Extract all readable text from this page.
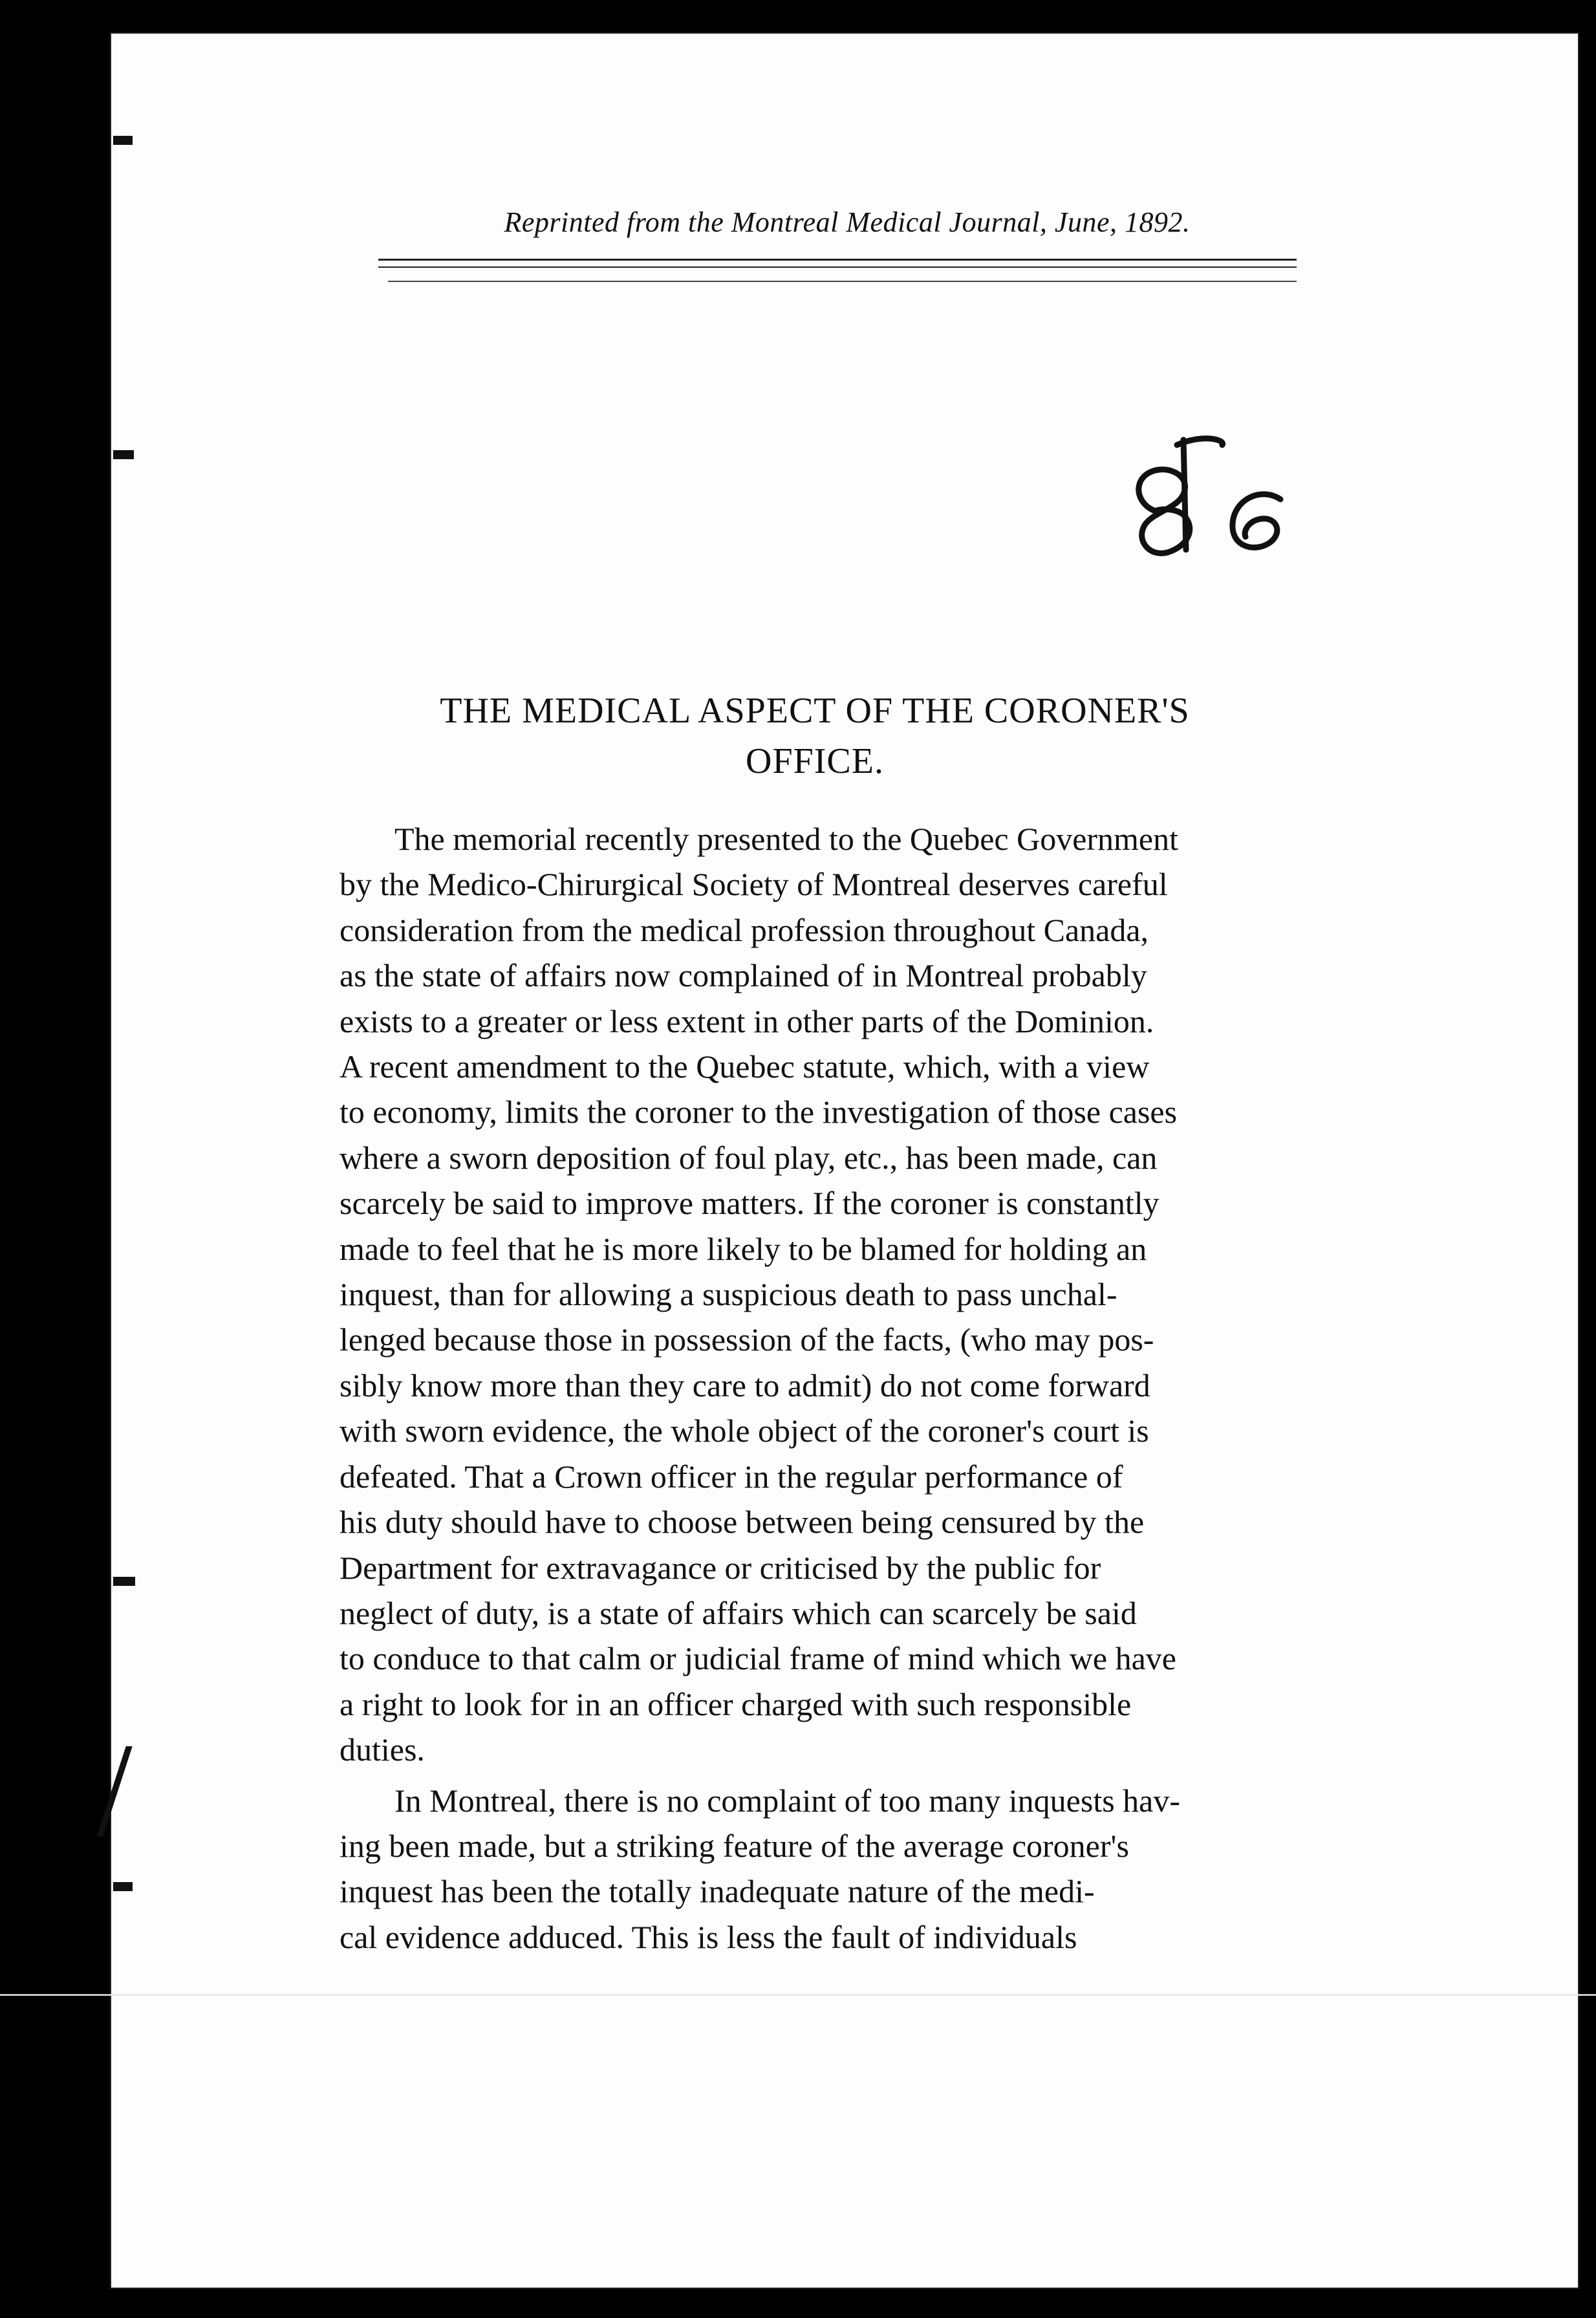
Reprinted from the Montreal Medical Journal, June, 1892.
THE MEDICAL ASPECT OF THE CORONER'S
OFFICE.

The memorial recently presented to the Quebec Government
by the Medico-Chirurgical Society of Montreal deserves careful
consideration from the medical profession throughout Canada,
as the state of affairs now complained of in Montreal probably
exists to a greater or less extent in other parts of the Dominion.
A recent amendment to the Quebec statute, which, with a view
to economy, limits the coroner to the investigation of those cases
where a sworn deposition of foul play, etc., has been made, can
scarcely be said to improve matters. If the coroner is constantly
made to feel that he is more likely to be blamed for holding an
inquest, than for allowing a suspicious death to pass unchal-
lenged because those in possession of the facts, (who may pos-
sibly know more than they care to admit) do not come forward
with sworn evidence, the whole object of the coroner's court is
defeated. That a Crown officer in the regular performance of
his duty should have to choose between being censured by the
Department for extravagance or criticised by the public for
neglect of duty, is a state of affairs which can scarcely be said
to conduce to that calm or judicial frame of mind which we have
a right to look for in an officer charged with such responsible
duties.

In Montreal, there is no complaint of too many inquests hav-
ing been made, but a striking feature of the average coroner's
inquest has been the totally inadequate nature of the medi-
cal evidence adduced. This is less the fault of individuals
